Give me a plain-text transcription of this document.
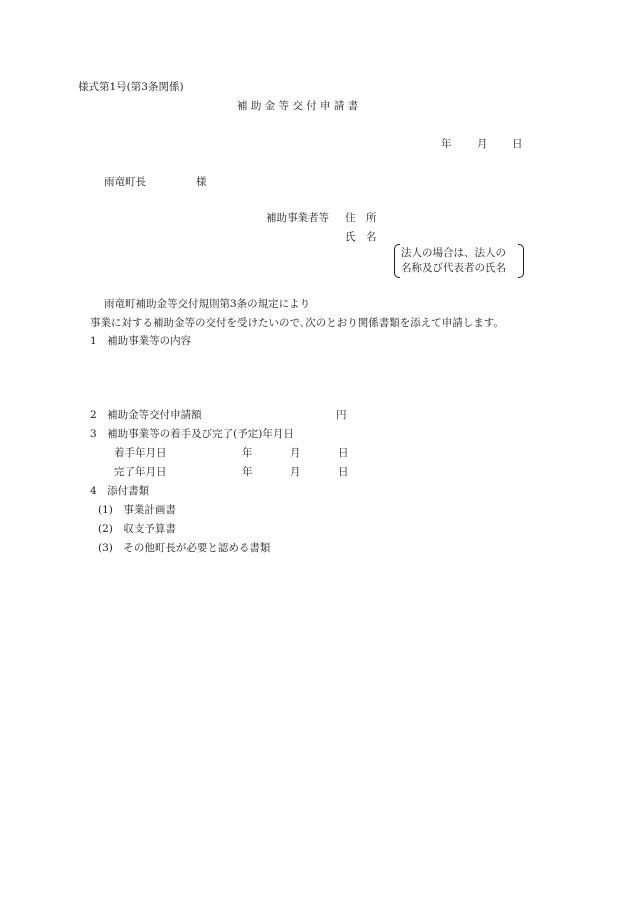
様式第1号(第3条関係)
補 助 金 等 交 付 申 請 書
年 月 日
雨竜町長	様
補助事業者等 住　所
氏　名
法人の場合は、法人の
名称及び代表者の氏名
雨竜町補助金等交付規則第3条の規定により
事業に対する補助金等の交付を受けたいので､次のとおり関係書類を添えて申請します。
1　補助事業等の内容
2　補助金等交付申請額	円
3　補助事業等の着手及び完了(予定)年月日
着手年月日	年	月	日
完了年月日	年	月	日
4　添付書類
(1)　事業計画書
(2)　収支予算書
(3)　その他町長が必要と認める書類
